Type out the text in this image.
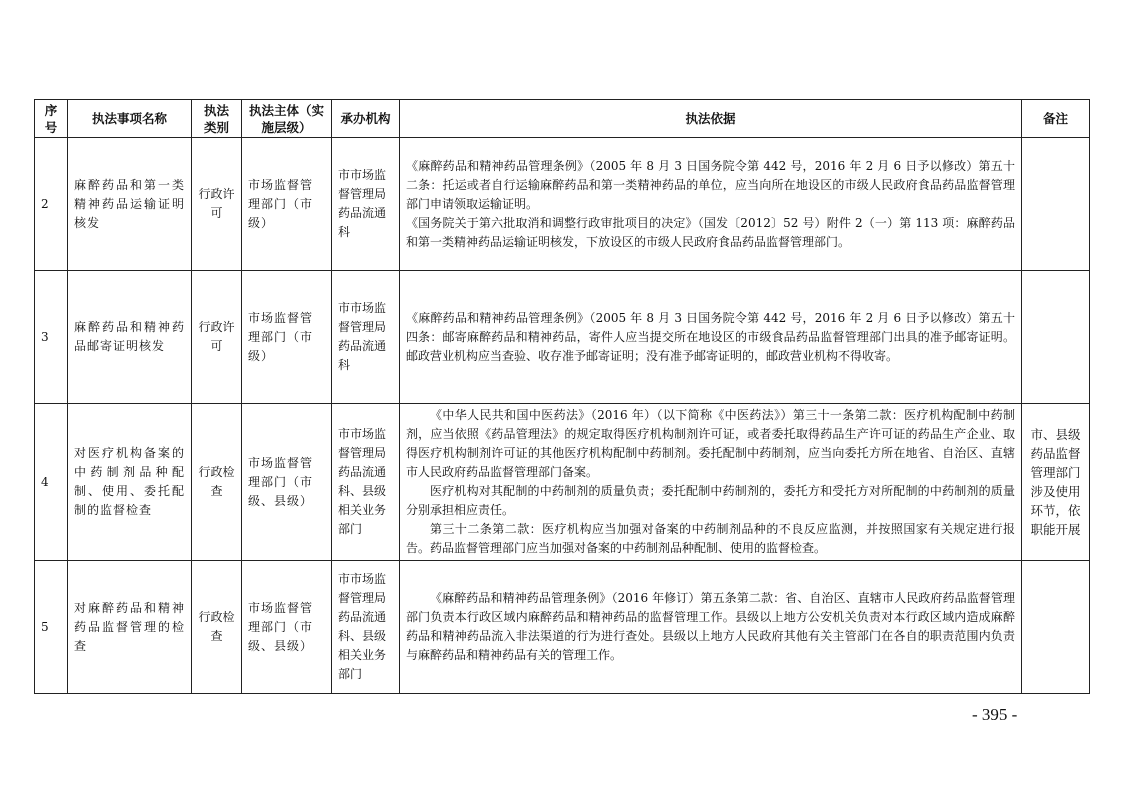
序号	执法事项名称	执法类别	执法主体（实施层级）	承办机构	执法依据	备注
2	麻醉药品和第一类精神药品运输证明核发	行政许可	市场监督管理部门（市级）	市市场监督管理局药品流通科	《麻醉药品和精神药品管理条例》（2005 年 8 月 3 日国务院令第 442 号，2016 年 2 月 6 日予以修改）第五十二条：托运或者自行运输麻醉药品和第一类精神药品的单位，应当向所在地设区的市级人民政府食品药品监督管理部门申请领取运输证明。

《国务院关于第六批取消和调整行政审批项目的决定》（国发〔2012〕52 号）附件 2（一）第 113 项：麻醉药品和第一类精神药品运输证明核发，下放设区的市级人民政府食品药品监督管理部门。	

3	麻醉药品和精神药品邮寄证明核发	行政许可	市场监督管理部门（市级）	市市场监督管理局药品流通科	《麻醉药品和精神药品管理条例》（2005 年 8 月 3 日国务院令第 442 号，2016 年 2 月 6 日予以修改）第五十四条：邮寄麻醉药品和精神药品，寄件人应当提交所在地设区的市级食品药品监督管理部门出具的准予邮寄证明。邮政营业机构应当查验、收存准予邮寄证明；没有准予邮寄证明的，邮政营业机构不得收寄。	

4	对医疗机构备案的中药制剂品种配制、使用、委托配制的监督检查	行政检查	市场监督管理部门（市级、县级）	市市场监督管理局药品流通科、县级相关业务部门	《中华人民共和国中医药法》（2016 年）（以下简称《中医药法》）第三十一条第二款：医疗机构配制中药制剂，应当依照《药品管理法》的规定取得医疗机构制剂许可证，或者委托取得药品生产许可证的药品生产企业、取得医疗机构制剂许可证的其他医疗机构配制中药制剂。委托配制中药制剂，应当向委托方所在地省、自治区、直辖市人民政府药品监督管理部门备案。

医疗机构对其配制的中药制剂的质量负责；委托配制中药制剂的，委托方和受托方对所配制的中药制剂的质量分别承担相应责任。

第三十二条第二款：医疗机构应当加强对备案的中药制剂品种的不良反应监测，并按照国家有关规定进行报告。药品监督管理部门应当加强对备案的中药制剂品种配制、使用的监督检查。	市、县级药品监督管理部门涉及使用环节，依职能开展
5	对麻醉药品和精神药品监督管理的检查	行政检查	市场监督管理部门（市级、县级）	市市场监督管理局药品流通科、县级相关业务部门	《麻醉药品和精神药品管理条例》（2016 年修订）第五条第二款：省、自治区、直辖市人民政府药品监督管理部门负责本行政区域内麻醉药品和精神药品的监督管理工作。县级以上地方公安机关负责对本行政区域内造成麻醉药品和精神药品流入非法渠道的行为进行查处。县级以上地方人民政府其他有关主管部门在各自的职责范围内负责与麻醉药品和精神药品有关的管理工作。	

- 395 -
